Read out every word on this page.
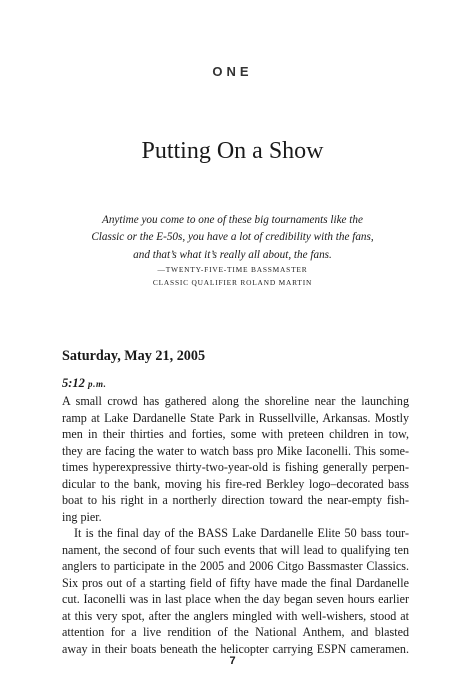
ONE
Putting On a Show
Anytime you come to one of these big tournaments like the
Classic or the E-50s, you have a lot of credibility with the fans,
and that’s what it’s really all about, the fans.
—TWENTY-FIVE-TIME BASSMASTER
CLASSIC QUALIFIER ROLAND MARTIN
Saturday, May 21, 2005
5:12 p.m.
A small crowd has gathered along the shoreline near the launching
ramp at Lake Dardanelle State Park in Russellville, Arkansas. Mostly
men in their thirties and forties, some with preteen children in tow,
they are facing the water to watch bass pro Mike Iaconelli. This some-
times hyperexpressive thirty-two-year-old is fishing generally perpen-
dicular to the bank, moving his fire-red Berkley logo–decorated bass
boat to his right in a northerly direction toward the near-empty fish-
ing pier.
It is the final day of the BASS Lake Dardanelle Elite 50 bass tour-
nament, the second of four such events that will lead to qualifying ten
anglers to participate in the 2005 and 2006 Citgo Bassmaster Classics.
Six pros out of a starting field of fifty have made the final Dardanelle
cut. Iaconelli was in last place when the day began seven hours earlier
at this very spot, after the anglers mingled with well-wishers, stood at
attention for a live rendition of the National Anthem, and blasted
away in their boats beneath the helicopter carrying ESPN cameramen.
7
